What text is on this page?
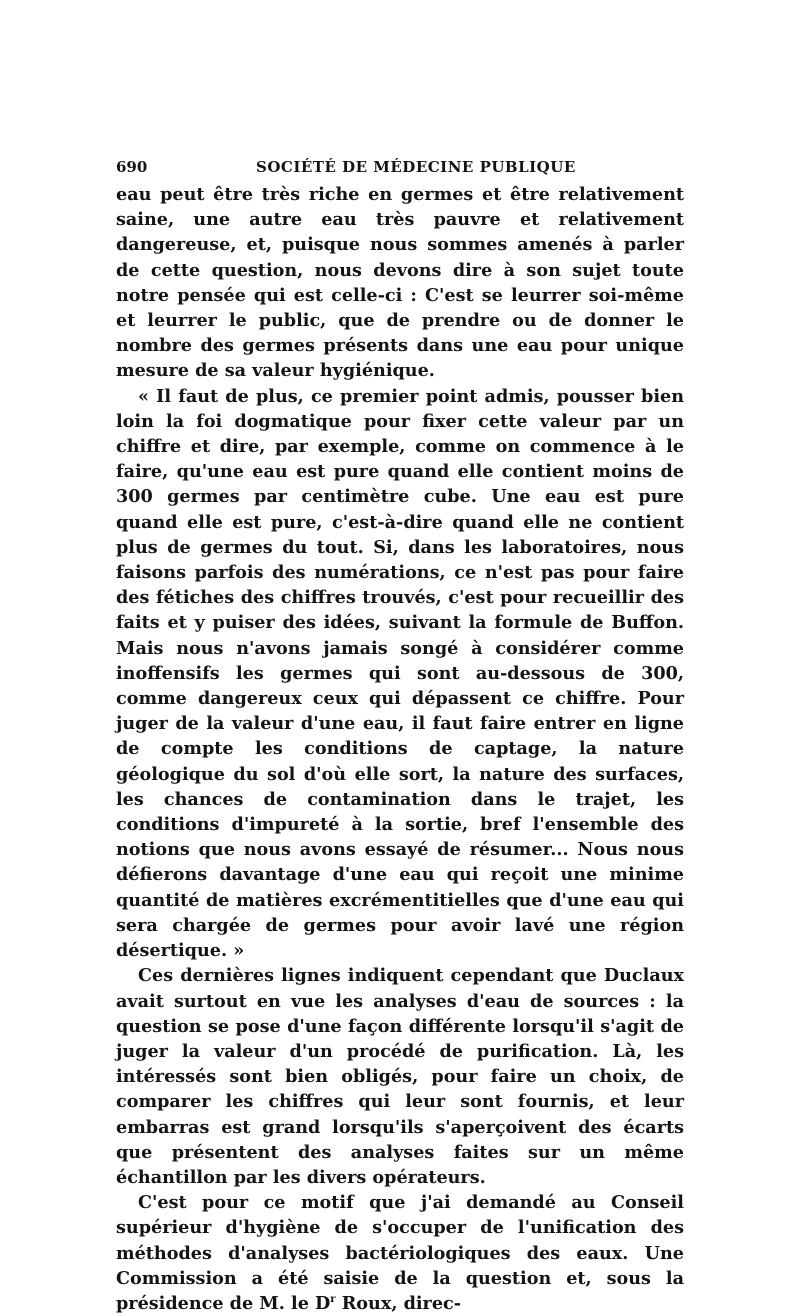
690	SOCIÉTÉ DE MÉDECINE PUBLIQUE

eau peut être très riche en germes et être relativement saine, une autre eau très pauvre et relativement dangereuse, et, puisque nous sommes amenés à parler de cette question, nous devons dire à son sujet toute notre pensée qui est celle-ci : C'est se leurrer soi-même et leurrer le public, que de prendre ou de donner le nombre des germes présents dans une eau pour unique mesure de sa valeur hygiénique.

« Il faut de plus, ce premier point admis, pousser bien loin la foi dogmatique pour fixer cette valeur par un chiffre et dire, par exemple, comme on commence à le faire, qu'une eau est pure quand elle contient moins de 300 germes par centimètre cube. Une eau est pure quand elle est pure, c'est-à-dire quand elle ne contient plus de germes du tout. Si, dans les laboratoires, nous faisons parfois des numérations, ce n'est pas pour faire des fétiches des chiffres trouvés, c'est pour recueillir des faits et y puiser des idées, suivant la formule de Buffon. Mais nous n'avons jamais songé à considérer comme inoffensifs les germes qui sont au-dessous de 300, comme dangereux ceux qui dépassent ce chiffre. Pour juger de la valeur d'une eau, il faut faire entrer en ligne de compte les conditions de captage, la nature géologique du sol d'où elle sort, la nature des surfaces, les chances de contamination dans le trajet, les conditions d'impureté à la sortie, bref l'ensemble des notions que nous avons essayé de résumer... Nous nous défierons davantage d'une eau qui reçoit une minime quantité de matières excrémentitielles que d'une eau qui sera chargée de germes pour avoir lavé une région désertique. »

Ces dernières lignes indiquent cependant que Duclaux avait surtout en vue les analyses d'eau de sources : la question se pose d'une façon différente lorsqu'il s'agit de juger la valeur d'un procédé de purification. Là, les intéressés sont bien obligés, pour faire un choix, de comparer les chiffres qui leur sont fournis, et leur embarras est grand lorsqu'ils s'aperçoivent des écarts que présentent des analyses faites sur un même échantillon par les divers opérateurs.

C'est pour ce motif que j'ai demandé au Conseil supérieur d'hygiène de s'occuper de l'unification des méthodes d'analyses bactériologiques des eaux. Une Commission a été saisie de la question et, sous la présidence de M. le $D^r$ Roux, direc-
